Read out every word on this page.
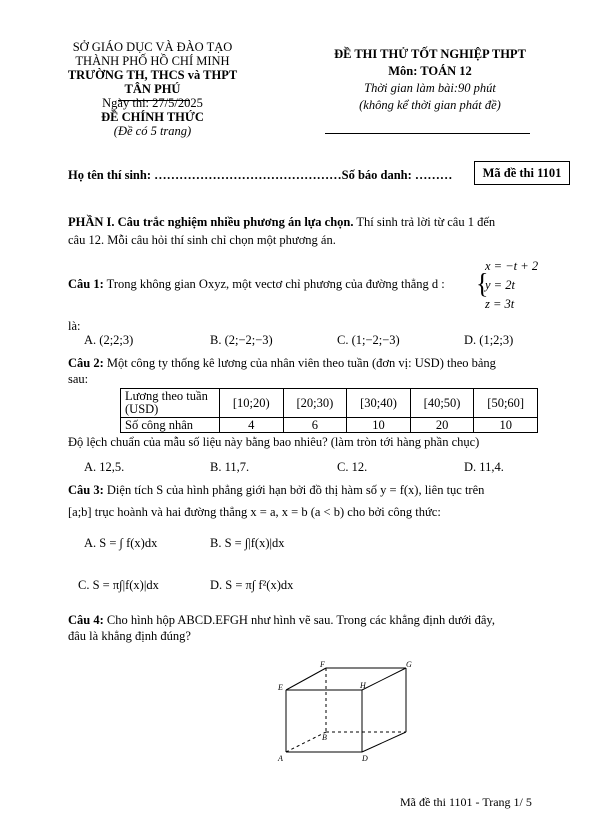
SỞ GIÁO DỤC VÀ ĐÀO TẠO
THÀNH PHỐ HỒ CHÍ MINH
TRƯỜNG TH, THCS và THPT
TÂN PHÚ
Ngày thi: 27/5/2025
ĐỀ CHÍNH THỨC
(Đề có 5 trang)
ĐỀ THI THỬ TỐT NGHIỆP THPT
Môn: TOÁN 12
Thời gian làm bài:90 phút
(không kể thời gian phát đề)
Họ tên thí sinh: ………………………………………Số báo danh: ………	Mã đề thi 1101
PHẦN I. Câu trắc nghiệm nhiều phương án lựa chọn. Thí sinh trả lời từ câu 1 đến
câu 12. Mỗi câu hỏi thí sinh chỉ chọn một phương án.
Câu 1: Trong không gian Oxyz, một vectơ chỉ phương của đường thẳng d : {
x = −t + 2
y = 2t
z = 3t
là:
A. (2;2;3)	B. (2;−2;−3)	C. (1;−2;−3)	D. (1;2;3)
Câu 2: Một công ty thống kê lương của nhân viên theo tuần (đơn vị: USD) theo bảng
sau:
Lương theo tuần (USD)	[10;20)	[20;30)	[30;40)	[40;50)	[50;60]
Số công nhân	4	6	10	20	10
Độ lệch chuẩn của mẫu số liệu này bằng bao nhiêu? (làm tròn tới hàng phần chục)
A. 12,5.	B. 11,7.	C. 12.	D. 11,4.
Câu 3: Diện tích S của hình phẳng giới hạn bởi đồ thị hàm số y = f(x), liên tục trên
[a;b] trục hoành và hai đường thẳng x = a, x = b (a < b) cho bởi công thức:
A. S = ∫ f(x)dx	B. S = ∫|f(x)|dx
C. S = π∫|f(x)|dx	D. S = π∫ f²(x)dx
Câu 4: Cho hình hộp ABCD.EFGH như hình vẽ sau. Trong các khẳng định dưới đây,
đâu là khẳng định đúng?
E
F	G
H
A
B
D
Mã đề thi 1101 - Trang 1/ 5
